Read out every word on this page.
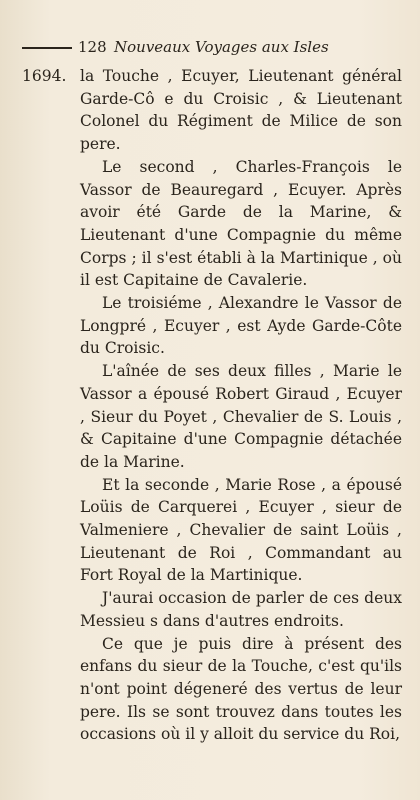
128 Nouveaux Voyages aux Isles
1694. la Touche , Ecuyer, Lieutenant général Garde-Cô e du Croisic , & Lieutenant Colonel du Régiment de Milice de son pere.

Le second , Charles-François le Vassor de Beauregard , Ecuyer. Après avoir été Garde de la Marine, & Lieutenant d'une Compagnie du même Corps ; il s'est établi à la Martinique , où il est Capitaine de Cavalerie.

Le troisiéme , Alexandre le Vassor de Longpré , Ecuyer , est Ayde Garde-Côte du Croisic.

L'aînée de ses deux filles , Marie le Vassor a épousé Robert Giraud , Ecuyer , Sieur du Poyet , Chevalier de S. Louis , & Capitaine d'une Compagnie détachée de la Marine.

Et la seconde , Marie Rose , a épousé Loüis de Carquerei , Ecuyer , sieur de Valmeniere , Chevalier de saint Loüis , Lieutenant de Roi , Commandant au Fort Royal de la Martinique.

J'aurai occasion de parler de ces deux Messieu s dans d'autres endroits.

Ce que je puis dire à présent des enfans du sieur de la Touche, c'est qu'ils n'ont point dégeneré des vertus de leur pere. Ils se sont trouvez dans toutes les occasions où il y alloit du service du Roi,
